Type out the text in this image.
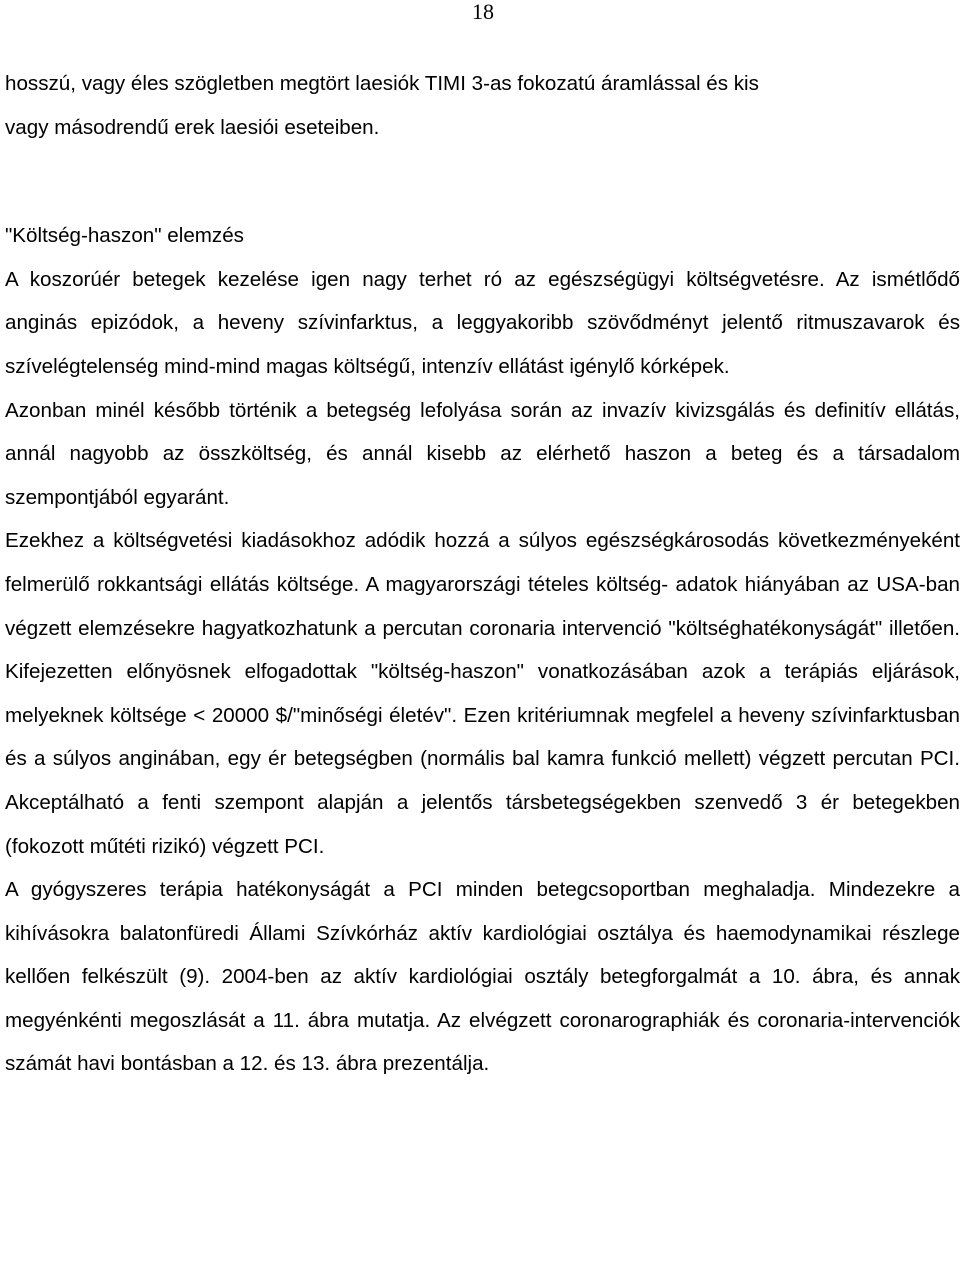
18
hosszú, vagy éles szögletben megtört laesiók TIMI 3-as fokozatú áramlással és kis
vagy másodrendű erek laesiói eseteiben.
"Költség-haszon" elemzés

A koszorúér betegek kezelése igen nagy terhet ró az egészségügyi költségvetésre. Az ismétlődő anginás epizódok, a heveny szívinfarktus, a leggyakoribb szövődményt jelentő ritmuszavarok és szívelégtelenség mind-mind magas költségű, intenzív ellátást igénylő kórképek.

Azonban minél később történik a betegség lefolyása során az invazív kivizsgálás és definitív ellátás, annál nagyobb az összköltség, és annál kisebb az elérhető haszon a beteg és a társadalom szempontjából egyaránt.

Ezekhez a költségvetési kiadásokhoz adódik hozzá a súlyos egészségkárosodás következményeként felmerülő rokkantsági ellátás költsége. A magyarországi tételes költség- adatok hiányában az USA-ban végzett elemzésekre hagyatkozhatunk a percutan coronaria intervenció "költséghatékonyságát" illetően. Kifejezetten előnyösnek elfogadottak "költség-haszon" vonatkozásában azok a terápiás eljárások, melyeknek költsége < 20000 $/"minőségi életév". Ezen kritériumnak megfelel a heveny szívinfarktusban és a súlyos anginában, egy ér betegségben (normális bal kamra funkció mellett) végzett percutan PCI. Akceptálható a fenti szempont alapján a jelentős társbetegségekben szenvedő 3 ér betegekben (fokozott műtéti rizikó) végzett PCI.

A gyógyszeres terápia hatékonyságát a PCI minden betegcsoportban meghaladja. Mindezekre a kihívásokra balatonfüredi Állami Szívkórház aktív kardiológiai osztálya és haemodynamikai részlege kellően felkészült (9). 2004-ben az aktív kardiológiai osztály betegforgalmát a 10. ábra, és annak megyénkénti megoszlását a 11. ábra mutatja. Az elvégzett coronarographiák és coronaria-intervenciók számát havi bontásban a 12. és 13. ábra prezentálja.
